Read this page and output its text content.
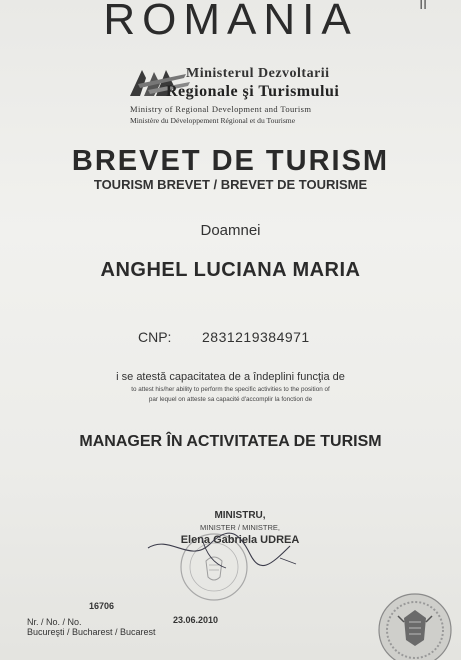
ROMANIA	II
Ministerul Dezvoltarii
Regionale şi Turismului
Ministry of Regional Development and Tourism
Ministère du Développement Régional et du Tourisme
BREVET DE TURISM
TOURISM BREVET / BREVET DE TOURISME
Doamnei
ANGHEL LUCIANA MARIA
CNP: 2831219384971
i se atestă capacitatea de a îndeplini funcţia de
to attest his/her ability to perform the specific activities to the position of
par lequel on atteste sa capacité d'accomplir la fonction de
MANAGER ÎN ACTIVITATEA DE TURISM
MINISTRU,
MINISTER / MINISTRE,
Elena Gabriela UDREA
16706
Nr. / No. / No.	23.06.2010
Bucureşti / Bucharest / Bucarest
